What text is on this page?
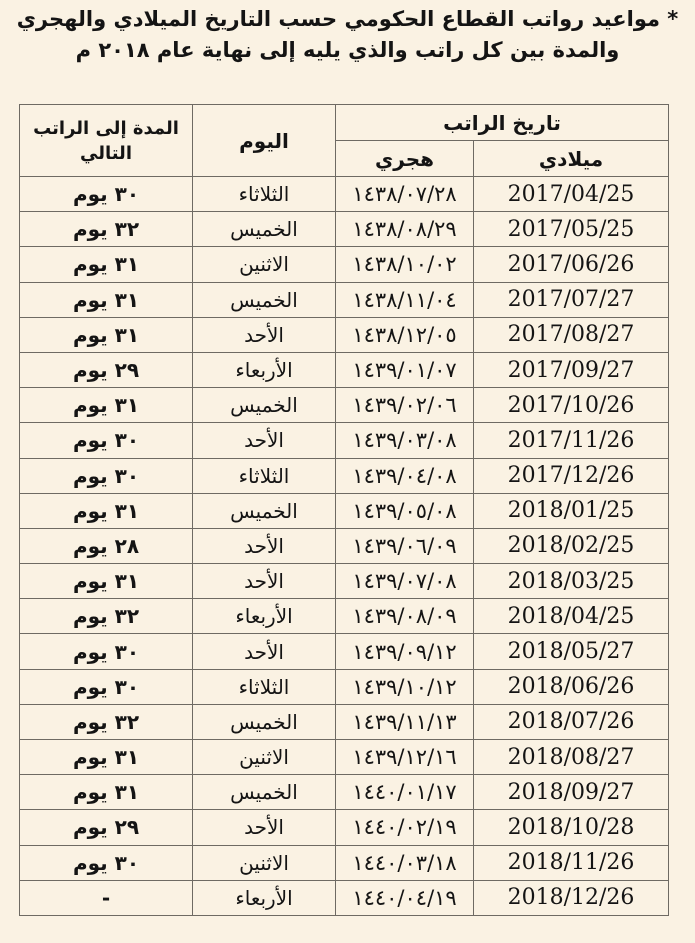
* مواعيد رواتب القطاع الحكومي حسب التاريخ الميلادي والهجري
والمدة بين كل راتب والذي يليه إلى نهاية عام ٢٠١٨ م
تاريخ الراتب		اليوم	المدة إلى الراتب التالي
ميلادي	هجري		
2017/04/25	١٤٣٨/٠٧/٢٨	الثلاثاء	٣٠ يوم
2017/05/25	١٤٣٨/٠٨/٢٩	الخميس	٣٢ يوم
2017/06/26	١٤٣٨/١٠/٠٢	الاثنين	٣١ يوم
2017/07/27	١٤٣٨/١١/٠٤	الخميس	٣١ يوم
2017/08/27	١٤٣٨/١٢/٠٥	الأحد	٣١ يوم
2017/09/27	١٤٣٩/٠١/٠٧	الأربعاء	٢٩ يوم
2017/10/26	١٤٣٩/٠٢/٠٦	الخميس	٣١ يوم
2017/11/26	١٤٣٩/٠٣/٠٨	الأحد	٣٠ يوم
2017/12/26	١٤٣٩/٠٤/٠٨	الثلاثاء	٣٠ يوم
2018/01/25	١٤٣٩/٠٥/٠٨	الخميس	٣١ يوم
2018/02/25	١٤٣٩/٠٦/٠٩	الأحد	٢٨ يوم
2018/03/25	١٤٣٩/٠٧/٠٨	الأحد	٣١ يوم
2018/04/25	١٤٣٩/٠٨/٠٩	الأربعاء	٣٢ يوم
2018/05/27	١٤٣٩/٠٩/١٢	الأحد	٣٠ يوم
2018/06/26	١٤٣٩/١٠/١٢	الثلاثاء	٣٠ يوم
2018/07/26	١٤٣٩/١١/١٣	الخميس	٣٢ يوم
2018/08/27	١٤٣٩/١٢/١٦	الاثنين	٣١ يوم
2018/09/27	١٤٤٠/٠١/١٧	الخميس	٣١ يوم
2018/10/28	١٤٤٠/٠٢/١٩	الأحد	٢٩ يوم
2018/11/26	١٤٤٠/٠٣/١٨	الاثنين	٣٠ يوم
2018/12/26	١٤٤٠/٠٤/١٩	الأربعاء	-
